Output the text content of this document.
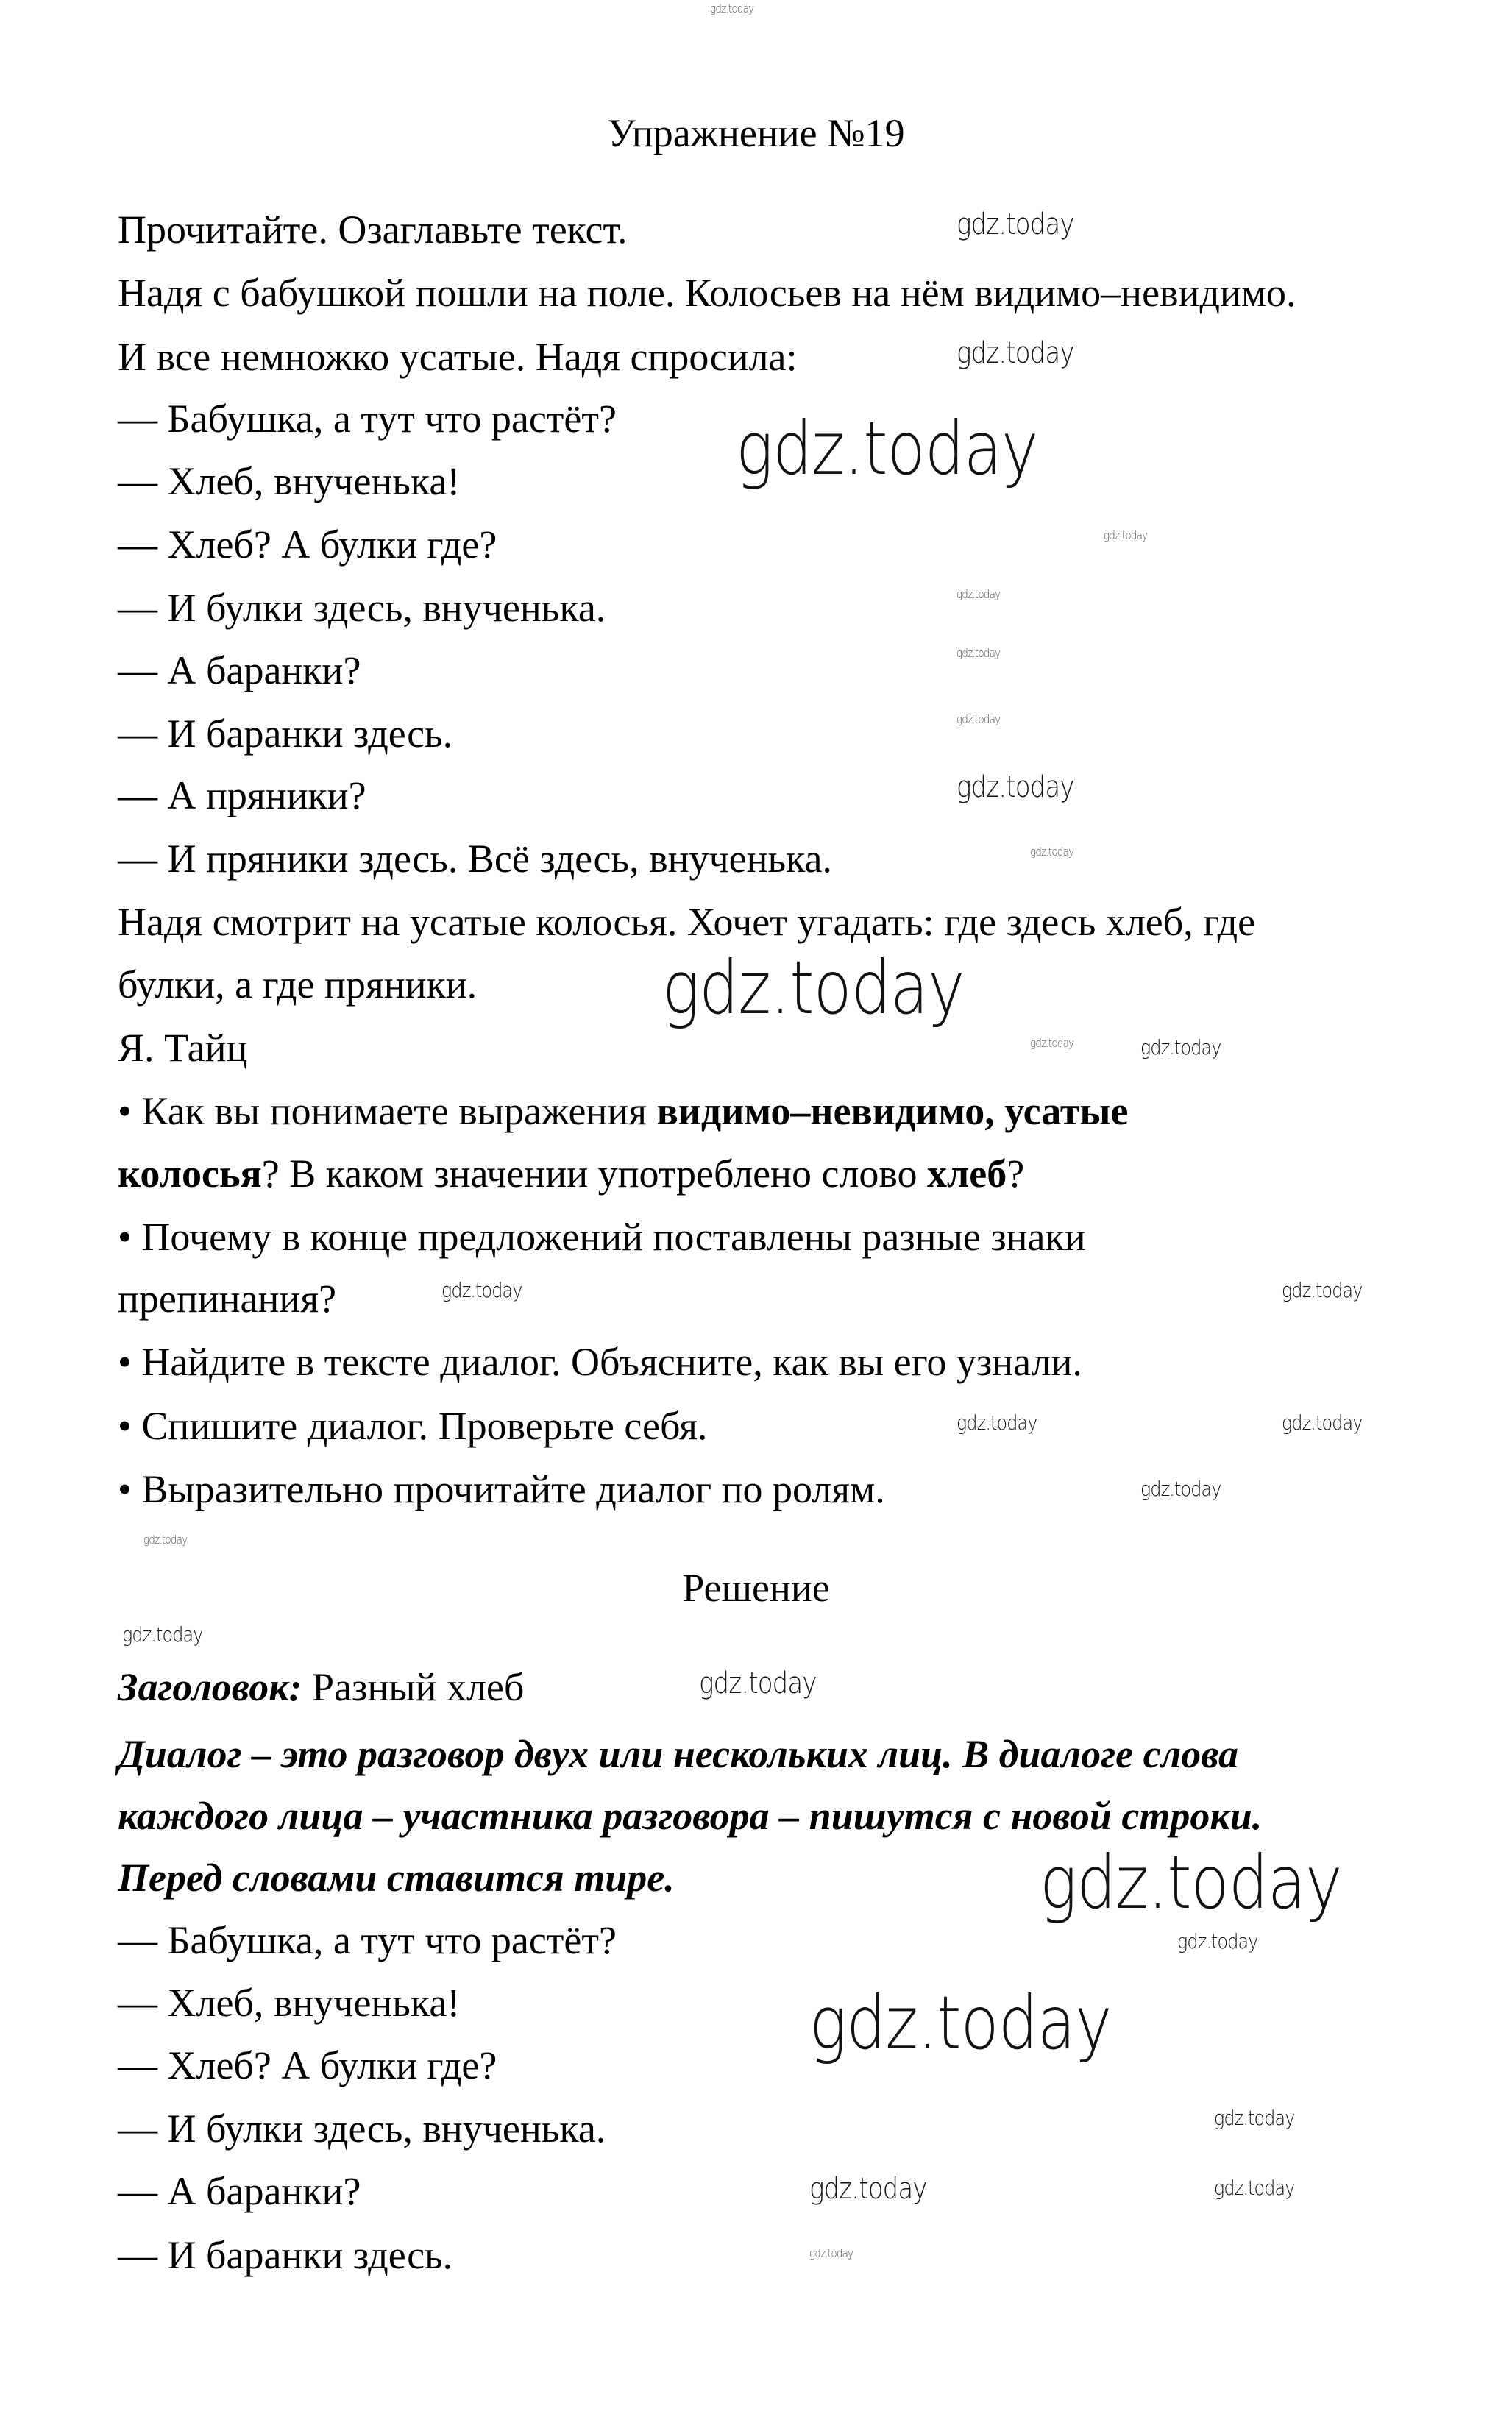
Упражнение №19
Прочитайте. Озаглавьте текст.
Надя с бабушкой пошли на поле. Колосьев на нём видимо–невидимо.
И все немножко усатые. Надя спросила:
— Бабушка, а тут что растёт?
— Хлеб, внученька!
— Хлеб? А булки где?
— И булки здесь, внученька.
— А баранки?
— И баранки здесь.
— А пряники?
— И пряники здесь. Всё здесь, внученька.
Надя смотрит на усатые колосья. Хочет угадать: где здесь хлеб, где
булки, а где пряники.
Я. Тайц
• Как вы понимаете выражения видимо–невидимо, усатые
колосья? В каком значении употреблено слово хлеб?
• Почему в конце предложений поставлены разные знаки
препинания?
• Найдите в тексте диалог. Объясните, как вы его узнали.
• Спишите диалог. Проверьте себя.
• Выразительно прочитайте диалог по ролям.
Решение
Заголовок: Разный хлеб
Диалог – это разговор двух или нескольких лиц. В диалоге слова
каждого лица – участника разговора – пишутся с новой строки.
Перед словами ставится тире.
— Бабушка, а тут что растёт?
— Хлеб, внученька!
— Хлеб? А булки где?
— И булки здесь, внученька.
— А баранки?
— И баранки здесь.
gdz.today
gdz.today
gdz.today
gdz.today
gdz.today
gdz.today
gdz.today
gdz.today
gdz.today
gdz.today
gdz.today
gdz.today	gdz.today
gdz.today	gdz.today
gdz.today	gdz.today
gdz.today
gdz.today
gdz.today
gdz.today
gdz.today
gdz.today
gdz.today
gdz.today
gdz.today	gdz.today
gdz.today
